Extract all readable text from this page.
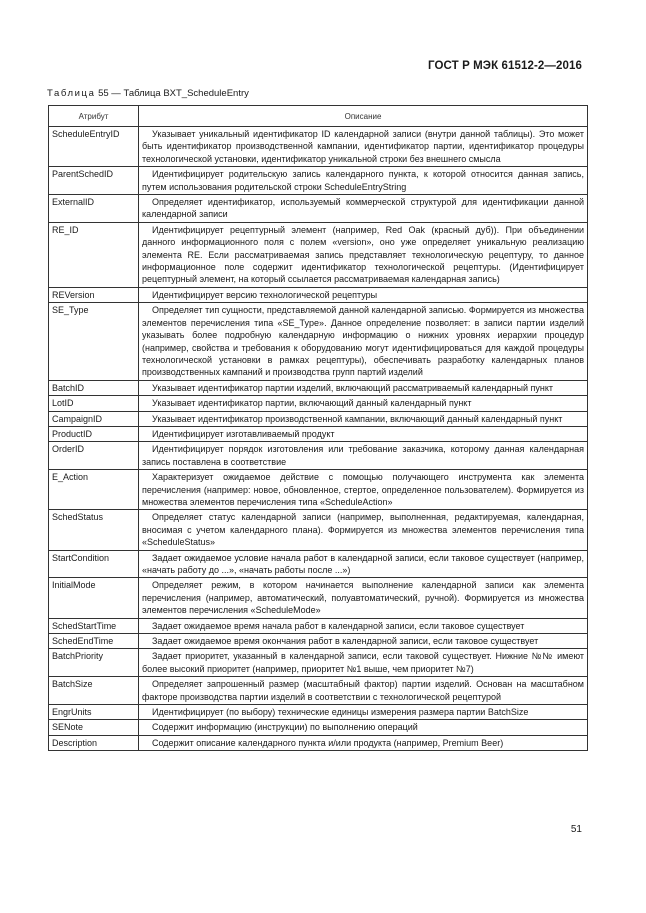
ГОСТ Р МЭК 61512-2—2016
Таблица 55 — Таблица BXT_ScheduleEntry
Атрибут	Описание
ScheduleEntryID	Указывает уникальный идентификатор ID календарной записи (внутри данной таблицы). Это может быть идентификатор производственной кампании, идентификатор партии, идентификатор процедуры технологической установки, идентификатор уникальной строки без внешнего смысла
ParentSchedID	Идентифицирует родительскую запись календарного пункта, к которой относится данная запись, путем использования родительской строки ScheduleEntryString
ExternalID	Определяет идентификатор, используемый коммерческой структурой для идентификации данной календарной записи
RE_ID	Идентифицирует рецептурный элемент (например, Red Oak (красный дуб)). При объединении данного информационного поля с полем «version», оно уже определяет уникальную реализацию элемента RE. Если рассматриваемая запись представляет технологическую рецептуру, то данное информационное поле содержит идентификатор технологической рецептуры. (Идентифицирует рецептурный элемент, на который ссылается рассматриваемая календарная запись)
REVersion	Идентифицирует версию технологической рецептуры
SE_Type	Определяет тип сущности, представляемой данной календарной записью. Формируется из множества элементов перечисления типа «SE_Type». Данное определение позволяет: в записи партии изделий указывать более подробную календарную информацию о нижних уровнях иерархии процедур (например, свойства и требования к оборудованию могут идентифицироваться для каждой процедуры технологической установки в рамках рецептуры), обеспечивать разработку календарных планов производственных кампаний и производства групп партий изделий
BatchID	Указывает идентификатор партии изделий, включающий рассматриваемый календарный пункт
LotID	Указывает идентификатор партии, включающий данный календарный пункт
CampaignID	Указывает идентификатор производственной кампании, включающий данный календарный пункт
ProductID	Идентифицирует изготавливаемый продукт
OrderID	Идентифицирует порядок изготовления или требование заказчика, которому данная календарная запись поставлена в соответствие
E_Action	Характеризует ожидаемое действие с помощью получающего инструмента как элемента перечисления (например: новое, обновленное, стертое, определенное пользователем). Формируется из множества элементов перечисления типа «ScheduleAction»
SchedStatus	Определяет статус календарной записи (например, выполненная, редактируемая, календарная, вносимая с учетом календарного плана). Формируется из множества элементов перечисления типа «ScheduleStatus»
StartCondition	Задает ожидаемое условие начала работ в календарной записи, если таковое существует (например, «начать работу до ...», «начать работы после ...»)
InitialMode	Определяет режим, в котором начинается выполнение календарной записи как элемента перечисления (например, автоматический, полуавтоматический, ручной). Формируется из множества элементов перечисления «ScheduleMode»
SchedStartTime	Задает ожидаемое время начала работ в календарной записи, если таковое существует
SchedEndTime	Задает ожидаемое время окончания работ в календарной записи, если таковое существует
BatchPriority	Задает приоритет, указанный в календарной записи, если таковой существует. Нижние №№ имеют более высокий приоритет (например, приоритет №1 выше, чем приоритет №7)
BatchSize	Определяет запрошенный размер (масштабный фактор) партии изделий. Основан на масштабном факторе производства партии изделий в соответствии с технологической рецептурой
EngrUnits	Идентифицирует (по выбору) технические единицы измерения размера партии BatchSize
SENote	Содержит информацию (инструкции) по выполнению операций
Description	Содержит описание календарного пункта и/или продукта (например, Premium Beer)
51
